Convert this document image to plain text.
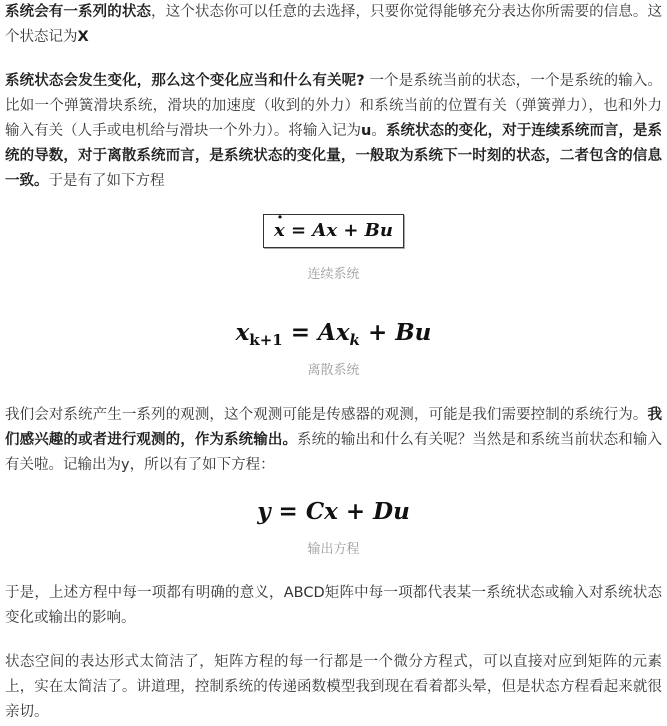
系统会有一系列的状态，这个状态你可以任意的去选择，只要你觉得能够充分表达你所需要的信息。这个状态记为X

系统状态会发生变化，那么这个变化应当和什么有关呢? 一个是系统当前的状态，一个是系统的输入。比如一个弹簧滑块系统，滑块的加速度（收到的外力）和系统当前的位置有关（弹簧弹力），也和外力输入有关（人手或电机给与滑块一个外力）。将输入记为u。系统状态的变化，对于连续系统而言，是系统的导数，对于离散系统而言，是系统状态的变化量，一般取为系统下一时刻的状态，二者包含的信息一致。于是有了如下方程

· x = Ax + Bu
连续系统
$x_{k+1} = Ax_k + Bu$
离散系统

我们会对系统产生一系列的观测，这个观测可能是传感器的观测，可能是我们需要控制的系统行为。我们感兴趣的或者进行观测的，作为系统输出。系统的输出和什么有关呢？当然是和系统当前状态和输入有关啦。记输出为y，所以有了如下方程：

y = Cx + Du
输出方程

于是，上述方程中每一项都有明确的意义，ABCD矩阵中每一项都代表某一系统状态或输入对系统状态变化或输出的影响。

状态空间的表达形式太简洁了，矩阵方程的每一行都是一个微分方程式，可以直接对应到矩阵的元素上，实在太简洁了。讲道理，控制系统的传递函数模型我到现在看着都头晕，但是状态方程看起来就很亲切。
